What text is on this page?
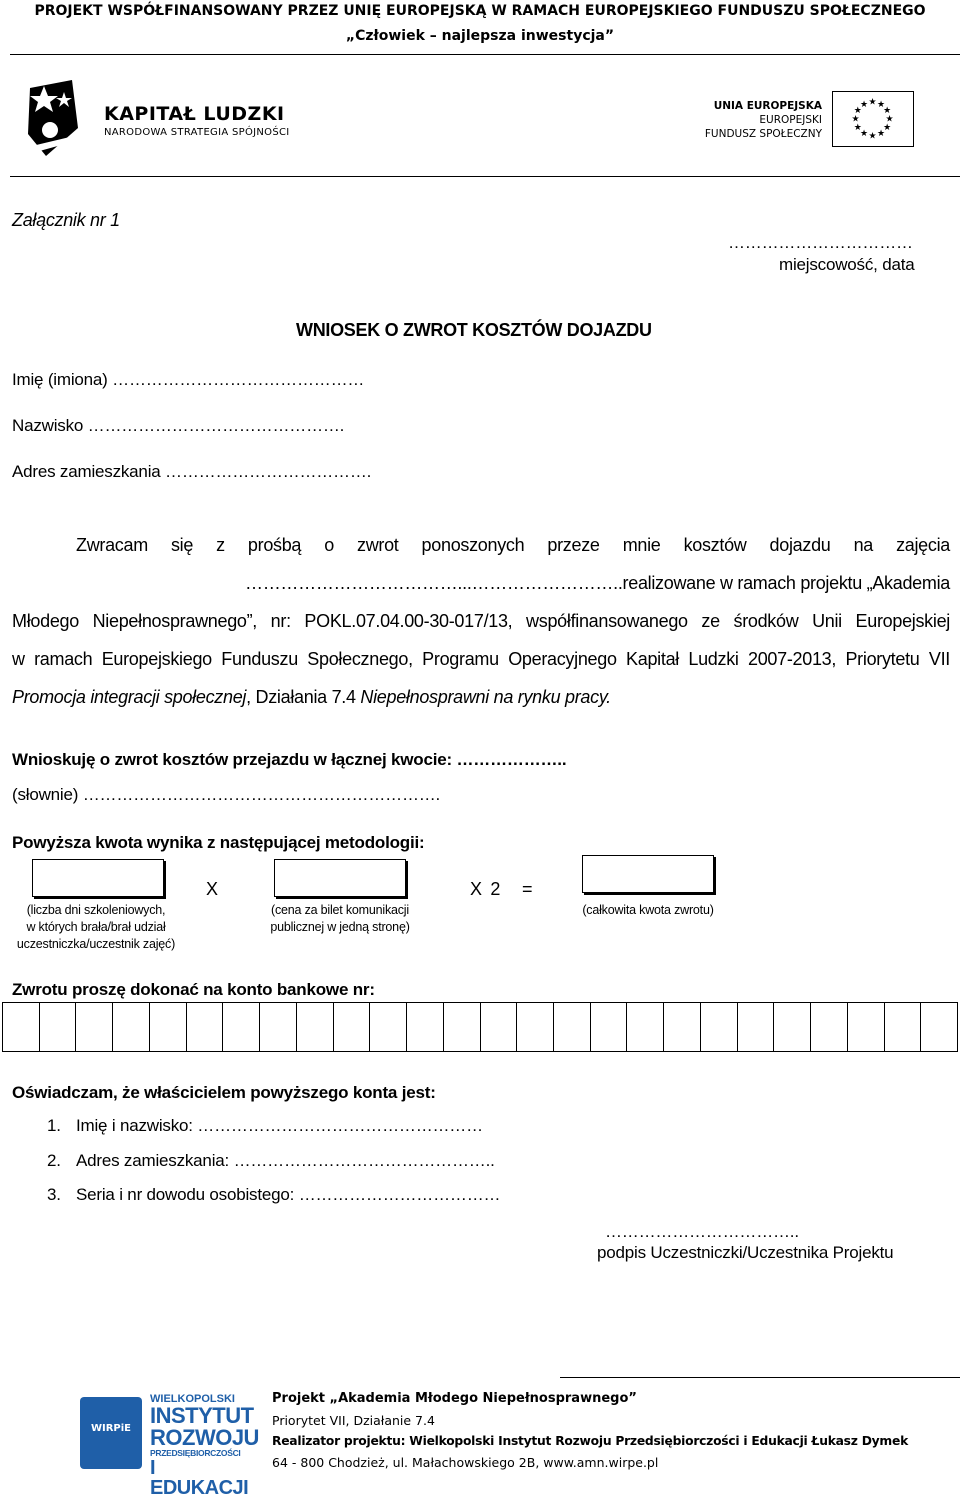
PROJEKT WSPÓŁFINANSOWANY PRZEZ UNIĘ EUROPEJSKĄ W RAMACH EUROPEJSKIEGO FUNDUSZU SPOŁECZNEGO
„Człowiek – najlepsza inwestycja”
KAPITAŁ LUDZKI
NARODOWA STRATEGIA SPÓJNOŚCI
UNIA EUROPEJSKA
EUROPEJSKI
FUNDUSZ SPOŁECZNY
★ ★
★
★
★
★
★
★
★
★
★
★
Załącznik nr 1
……………………………
miejscowość, data
WNIOSEK O ZWROT KOSZTÓW DOJAZDU
Imię (imiona) ………………………………………
Nazwisko ……………………………………….
Adres zamieszkania ……………………………….
Zwracam się z prośbą o zwrot ponoszonych przeze mnie kosztów dojazdu na zajęcia
………………………………...……………………..realizowane w ramach projektu „Akademia
Młodego Niepełnosprawnego”, nr: POKL.07.04.00-30-017/13, współfinansowanego ze środków Unii Europejskiej
w ramach Europejskiego Funduszu Społecznego, Programu Operacyjnego Kapitał Ludzki 2007-2013, Priorytetu VII
Promocja integracji społecznej, Działania 7.4 Niepełnosprawni na rynku pracy.
Wnioskuję o zwrot kosztów przejazdu w łącznej kwocie: ………………..
(słownie) ……………………………………………………….
Powyższa kwota wynika z następującej metodologii:
X	X 2 =
(liczba dni szkoleniowych,
w których brała/brał udział
uczestniczka/uczestnik zajęć)
(cena za bilet komunikacji
publicznej w jedną stronę)
(całkowita kwota zwrotu)
Zwrotu proszę dokonać na konto bankowe nr:
Oświadczam, że właścicielem powyższego konta jest:
1. Imię i nazwisko: ……………………………………………
2. Adres zamieszkania: ………………………………………..
3. Seria i nr dowodu osobistego: ………………………………
……………………………..
podpis Uczestniczki/Uczestnika Projektu
WIRPiE
WIELKOPOLSKI
INSTYTUT
ROZWOJU
PRZEDSIĘBIORCZOŚCI
I EDUKACJI
Projekt „Akademia Młodego Niepełnosprawnego”
Priorytet VII, Działanie 7.4
Realizator projektu: Wielkopolski Instytut Rozwoju Przedsiębiorczości i Edukacji Łukasz Dymek
64 - 800 Chodzież, ul. Małachowskiego 2B, www.amn.wirpe.pl
